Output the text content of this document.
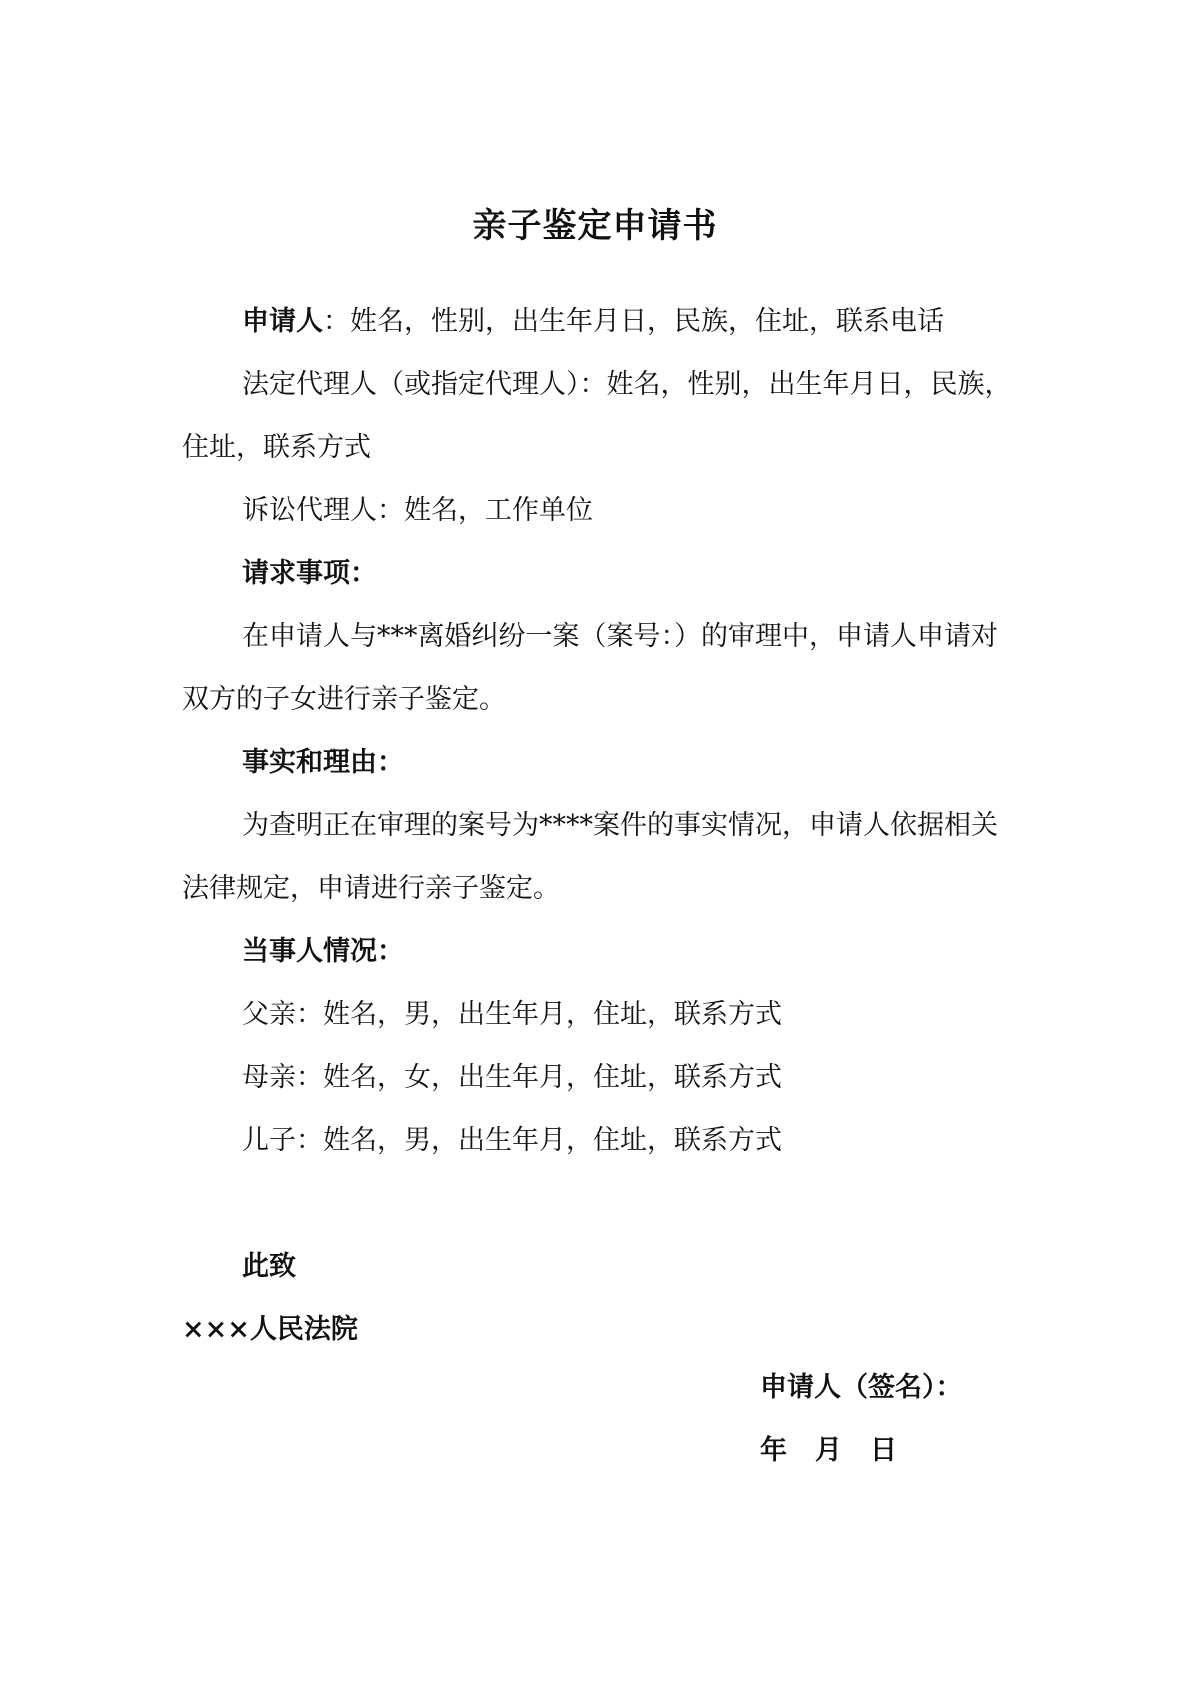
亲子鉴定申请书

申请人：姓名，性别，出生年月日，民族，住址，联系电话

法定代理人（或指定代理人）：姓名，性别，出生年月日，民族，住址，联系方式

诉讼代理人：姓名，工作单位

请求事项：

在申请人与***离婚纠纷一案（案号：）的审理中，申请人申请对双方的子女进行亲子鉴定。

事实和理由：

为查明正在审理的案号为****案件的事实情况，申请人依据相关法律规定，申请进行亲子鉴定。

当事人情况：

父亲：姓名，男，出生年月，住址，联系方式

母亲：姓名，女，出生年月，住址，联系方式

儿子：姓名，男，出生年月，住址，联系方式

此致

×××人民法院

申请人（签名）：
年 月 日
